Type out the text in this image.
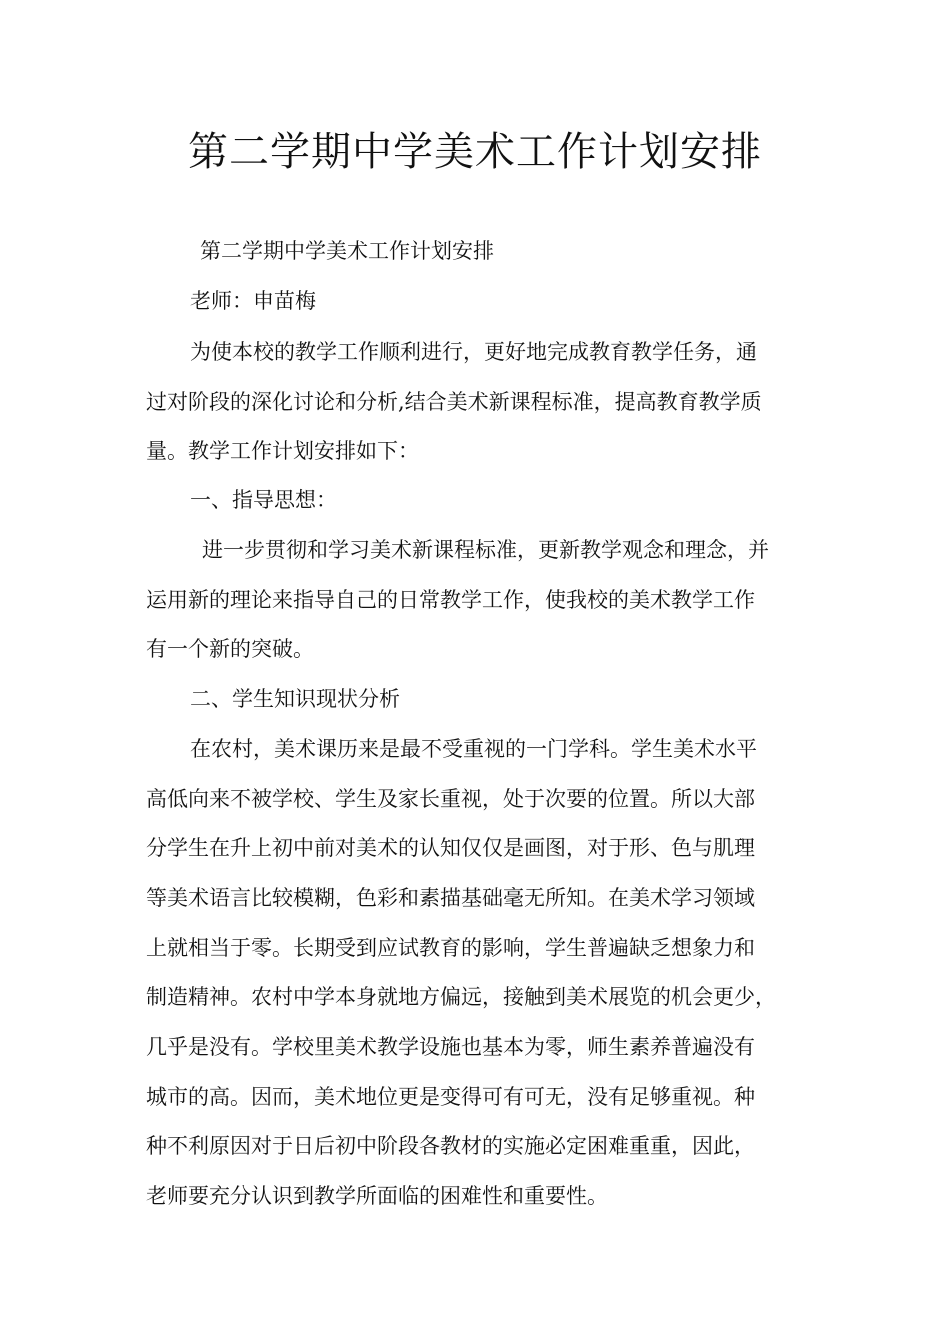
第二学期中学美术工作计划安排
第二学期中学美术工作计划安排
老师：申苗梅
为使本校的教学工作顺利进行，更好地完成教育教学任务，通
过对阶段的深化讨论和分析,结合美术新课程标准，提高教育教学质
量。教学工作计划安排如下：
一、指导思想：
进一步贯彻和学习美术新课程标准，更新教学观念和理念，并
运用新的理论来指导自己的日常教学工作，使我校的美术教学工作
有一个新的突破。
二、学生知识现状分析
在农村，美术课历来是最不受重视的一门学科。学生美术水平
高低向来不被学校、学生及家长重视，处于次要的位置。所以大部
分学生在升上初中前对美术的认知仅仅是画图，对于形、色与肌理
等美术语言比较模糊，色彩和素描基础毫无所知。在美术学习领域
上就相当于零。长期受到应试教育的影响，学生普遍缺乏想象力和
制造精神。农村中学本身就地方偏远，接触到美术展览的机会更少，
几乎是没有。学校里美术教学设施也基本为零，师生素养普遍没有
城市的高。因而，美术地位更是变得可有可无，没有足够重视。种
种不利原因对于日后初中阶段各教材的实施必定困难重重，因此，
老师要充分认识到教学所面临的困难性和重要性。
